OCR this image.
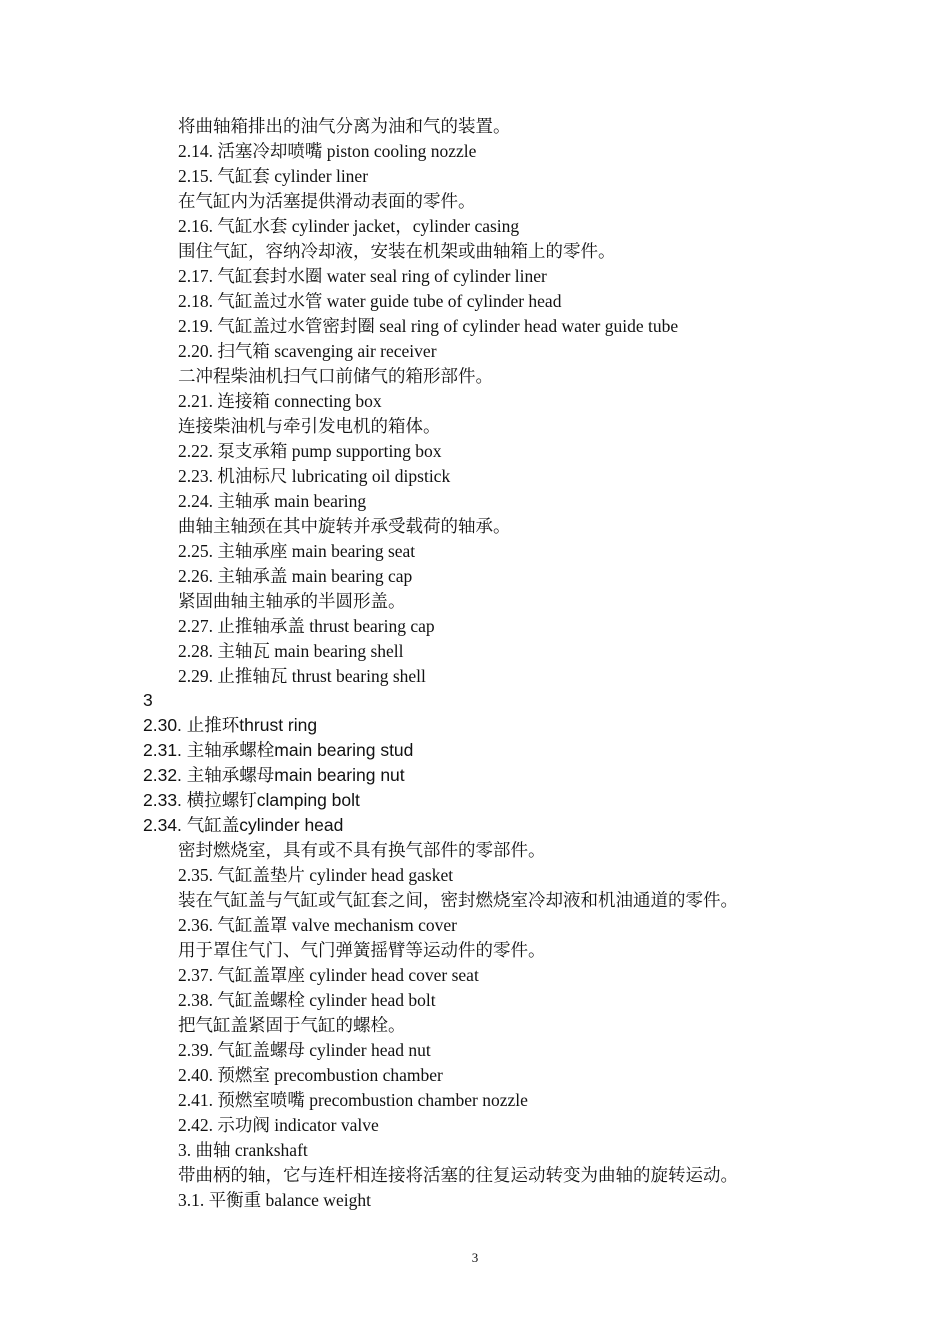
将曲轴箱排出的油气分离为油和气的装置。

2.14. 活塞冷却喷嘴 piston cooling nozzle

2.15. 气缸套 cylinder liner

在气缸内为活塞提供滑动表面的零件。

2.16. 气缸水套 cylinder jacket，cylinder casing

围住气缸，容纳冷却液，安装在机架或曲轴箱上的零件。

2.17. 气缸套封水圈 water seal ring of cylinder liner

2.18. 气缸盖过水管 water guide tube of cylinder head

2.19. 气缸盖过水管密封圈 seal ring of cylinder head water guide tube

2.20. 扫气箱 scavenging air receiver

二冲程柴油机扫气口前储气的箱形部件。

2.21. 连接箱 connecting box

连接柴油机与牵引发电机的箱体。

2.22. 泵支承箱 pump supporting box

2.23. 机油标尺 lubricating oil dipstick

2.24. 主轴承 main bearing

曲轴主轴颈在其中旋转并承受载荷的轴承。

2.25. 主轴承座 main bearing seat

2.26. 主轴承盖 main bearing cap

紧固曲轴主轴承的半圆形盖。

2.27. 止推轴承盖 thrust bearing cap

2.28. 主轴瓦 main bearing shell

2.29. 止推轴瓦 thrust bearing shell

3

2.30. 止推环thrust ring

2.31. 主轴承螺栓main bearing stud

2.32. 主轴承螺母main bearing nut

2.33. 横拉螺钉clamping bolt

2.34. 气缸盖cylinder head

密封燃烧室，具有或不具有换气部件的零部件。

2.35. 气缸盖垫片 cylinder head gasket

装在气缸盖与气缸或气缸套之间，密封燃烧室冷却液和机油通道的零件。

2.36. 气缸盖罩 valve mechanism cover

用于罩住气门、气门弹簧摇臂等运动件的零件。

2.37. 气缸盖罩座 cylinder head cover seat

2.38. 气缸盖螺栓 cylinder head bolt

把气缸盖紧固于气缸的螺栓。

2.39. 气缸盖螺母 cylinder head nut

2.40. 预燃室 precombustion chamber

2.41. 预燃室喷嘴 precombustion chamber nozzle

2.42. 示功阀 indicator valve

3. 曲轴 crankshaft

带曲柄的轴，它与连杆相连接将活塞的往复运动转变为曲轴的旋转运动。

3.1. 平衡重 balance weight

3
